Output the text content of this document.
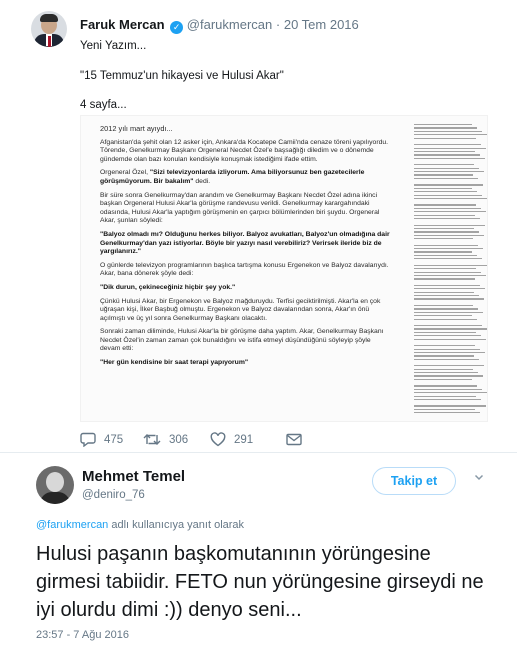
Faruk Mercan ✓ @farukmercan · 20 Tem 2016
Yeni Yazım...
"15 Temmuz'un hikayesi ve Hulusi Akar"
4 sayfa...

2012 yılı mart ayıydı...

Afganistan'da şehit olan 12 asker için, Ankara'da Kocatepe Camii'nda cenaze töreni yapılıyordu. Törende, Genelkurmay Başkanı Orgeneral Necdet Özel'e başsağlığı diledim ve o dönemde gündemde olan bazı konuları kendisiyle konuşmak istediğimi ifade ettim.

Orgeneral Özel, "Sizi televizyonlarda izliyorum. Ama biliyorsunuz ben gazetecilerle görüşmüyorum. Bir bakalım" dedi.

Bir süre sonra Genelkurmay'dan arandım ve Genelkurmay Başkanı Necdet Özel adına ikinci başkan Orgeneral Hulusi Akar'la görüşme randevusu verildi. Genelkurmay karargahındaki odasında, Hulusi Akar'la yaptığım görüşmenin en çarpıcı bölümlerinden biri şuydu. Orgeneral Akar, şunları söyledi:

"Balyoz olmadı mı? Olduğunu herkes biliyor. Balyoz avukatları, Balyoz'un olmadığına dair Genelkurmay'dan yazı istiyorlar. Böyle bir yazıyı nasıl verebiliriz? Verirsek ileride biz de yargılanırız."

O günlerde televizyon programlarının başlıca tartışma konusu Ergenekon ve Balyoz davalarıydı. Akar, bana dönerek şöyle dedi:

"Dik durun, çekineceğiniz hiçbir şey yok."

Çünkü Hulusi Akar, bir Ergenekon ve Balyoz mağduruydu. Terfisi geciktirilmişti. Akar'la en çok uğraşan kişi, İlker Başbuğ olmuştu. Ergenekon ve Balyoz davalarından sonra, Akar'ın önü açılmıştı ve üç yıl sonra Genelkurmay Başkanı olacaktı.

Sonraki zaman diliminde, Hulusi Akar'la bir görüşme daha yaptım. Akar, Genelkurmay Başkanı Necdet Özel'in zaman zaman çok bunaldığını ve istifa etmeyi düşündüğünü söyleyip şöyle devam etti:

"Her gün kendisine bir saat terapi yapıyorum"

475	306	291
Mehmet Temel
@deniro_76
Takip et
@farukmercan adlı kullanıcıya yanıt olarak

Hulusi paşanın başkomutanının yörüngesine girmesi tabiidir. FETO nun yörüngesine girseydi ne iyi olurdu dimi :)) denyo seni...

23:57 - 7 Ağu 2016
